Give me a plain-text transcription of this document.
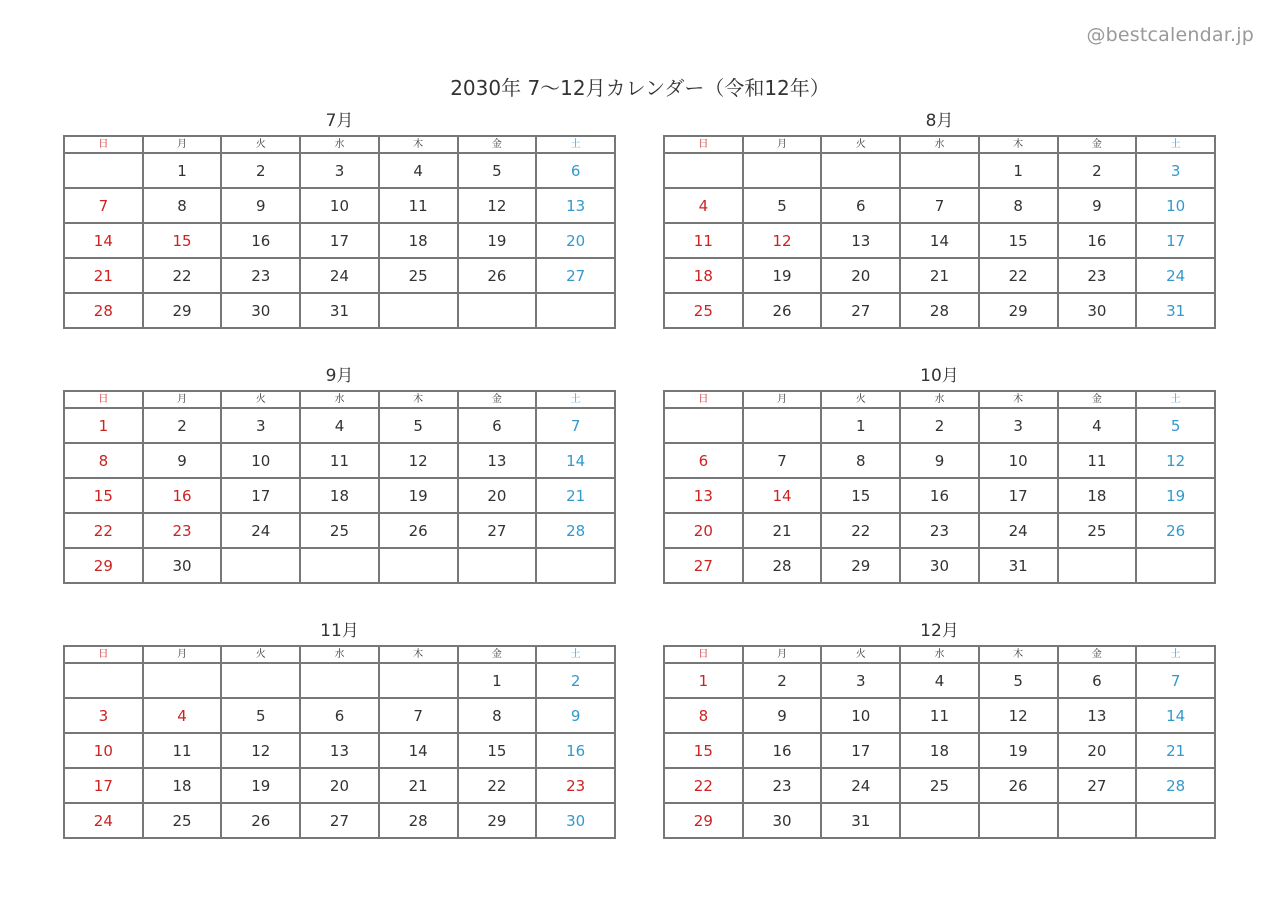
@bestcalendar.jp
2030年 7〜12月カレンダー（令和12年）
7月
日	月	火	水	木	金	土
	1	2	3	4	5	6
7	8	9	10	11	12	13
14	15	16	17	18	19	20
21	22	23	24	25	26	27
28	29	30	31			
8月
日	月	火	水	木	金	土
				1	2	3
4	5	6	7	8	9	10
11	12	13	14	15	16	17
18	19	20	21	22	23	24
25	26	27	28	29	30	31
9月
日	月	火	水	木	金	土
1	2	3	4	5	6	7
8	9	10	11	12	13	14
15	16	17	18	19	20	21
22	23	24	25	26	27	28
29	30					
10月
日	月	火	水	木	金	土
		1	2	3	4	5
6	7	8	9	10	11	12
13	14	15	16	17	18	19
20	21	22	23	24	25	26
27	28	29	30	31		
11月
日	月	火	水	木	金	土
					1	2
3	4	5	6	7	8	9
10	11	12	13	14	15	16
17	18	19	20	21	22	23
24	25	26	27	28	29	30
12月
日	月	火	水	木	金	土
1	2	3	4	5	6	7
8	9	10	11	12	13	14
15	16	17	18	19	20	21
22	23	24	25	26	27	28
29	30	31				
